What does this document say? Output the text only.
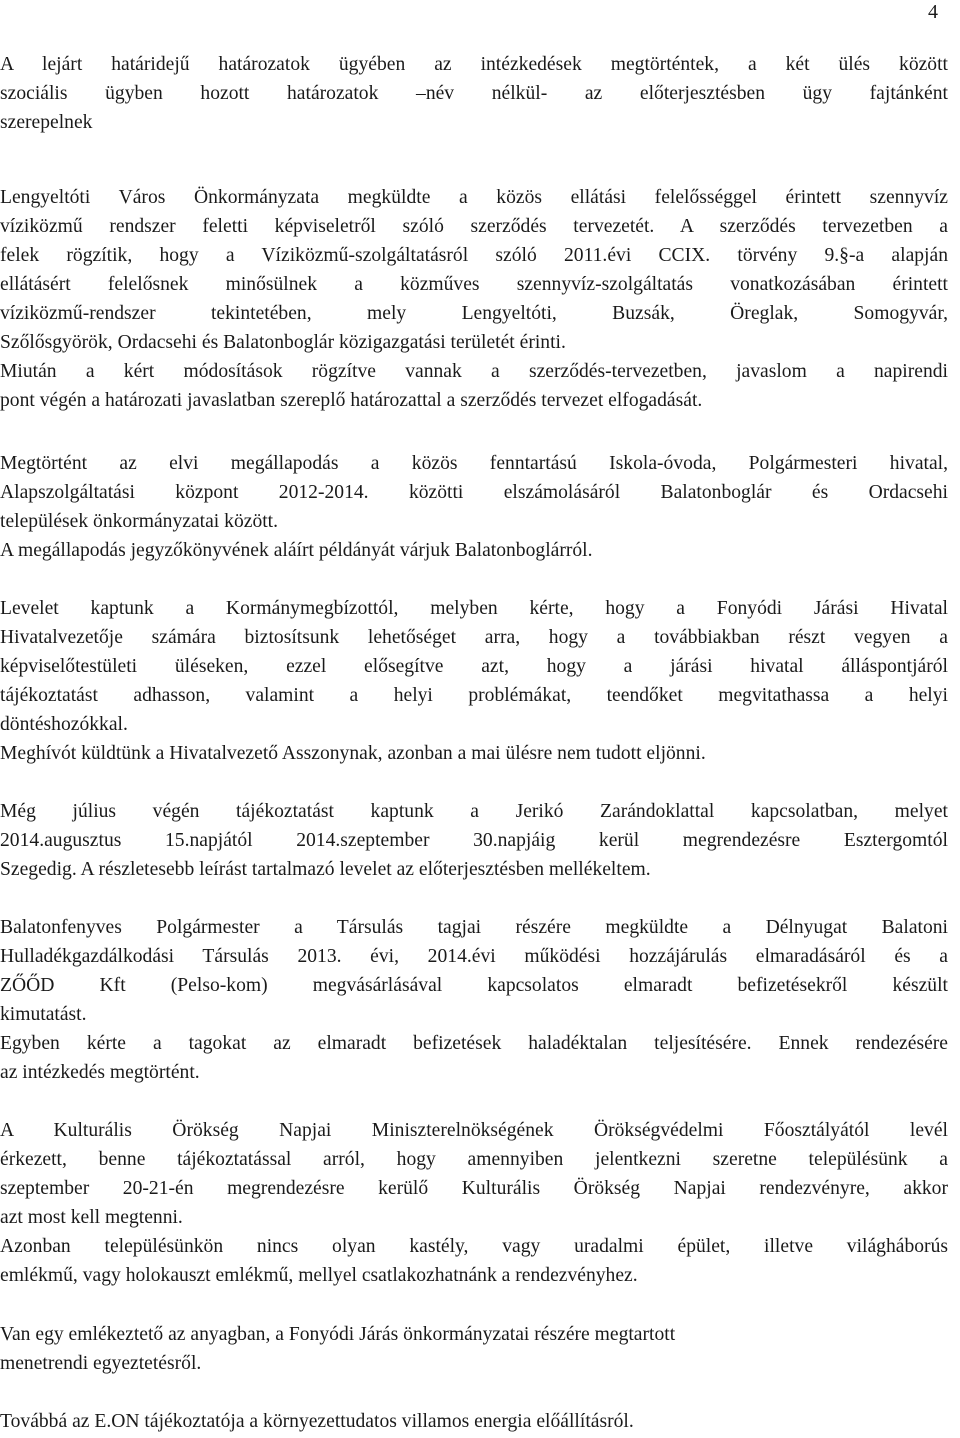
4
A lejárt határidejű határozatok ügyében az intézkedések megtörténtek, a két ülés között
szociális ügyben hozott határozatok –név nélkül- az előterjesztésben ügy fajtánként
szerepelnek
Lengyeltóti Város Önkormányzata megküldte a közös ellátási felelősséggel érintett szennyvíz
víziközmű rendszer feletti képviseletről szóló szerződés tervezetét. A szerződés tervezetben a
felek rögzítik, hogy a Víziközmű-szolgáltatásról szóló 2011.évi CCIX. törvény 9.§-a alapján
ellátásért felelősnek minősülnek a közműves szennyvíz-szolgáltatás vonatkozásában érintett
víziközmű-rendszer tekintetében, mely Lengyeltóti, Buzsák, Öreglak, Somogyvár,
Szőlősgyörök, Ordacsehi és Balatonboglár közigazgatási területét érinti.
Miután a kért módosítások rögzítve vannak a szerződés-tervezetben, javaslom a napirendi
pont végén a határozati javaslatban szereplő határozattal a szerződés tervezet elfogadását.
Megtörtént az elvi megállapodás a közös fenntartású Iskola-óvoda, Polgármesteri hivatal,
Alapszolgáltatási központ 2012-2014. közötti elszámolásáról Balatonboglár és Ordacsehi
települések önkormányzatai között.
A megállapodás jegyzőkönyvének aláírt példányát várjuk Balatonboglárról.
Levelet kaptunk a Kormánymegbízottól, melyben kérte, hogy a Fonyódi Járási Hivatal
Hivatalvezetője számára biztosítsunk lehetőséget arra, hogy a továbbiakban részt vegyen a
képviselőtestületi üléseken, ezzel elősegítve azt, hogy a járási hivatal álláspontjáról
tájékoztatást adhasson, valamint a helyi problémákat, teendőket megvitathassa a helyi
döntéshozókkal.
Meghívót küldtünk a Hivatalvezető Asszonynak, azonban a mai ülésre nem tudott eljönni.
Még július végén tájékoztatást kaptunk a Jerikó Zarándoklattal kapcsolatban, melyet
2014.augusztus 15.napjától 2014.szeptember 30.napjáig kerül megrendezésre Esztergomtól
Szegedig. A részletesebb leírást tartalmazó levelet az előterjesztésben mellékeltem.
Balatonfenyves Polgármester a Társulás tagjai részére megküldte a Délnyugat Balatoni
Hulladékgazdálkodási Társulás 2013. évi, 2014.évi működési hozzájárulás elmaradásáról és a
ZŐŐD Kft (Pelso-kom) megvásárlásával kapcsolatos elmaradt befizetésekről készült
kimutatást.
Egyben kérte a tagokat az elmaradt befizetések haladéktalan teljesítésére. Ennek rendezésére
az intézkedés megtörtént.
A Kulturális Örökség Napjai Miniszterelnökségének Örökségvédelmi Főosztályától levél
érkezett, benne tájékoztatással arról, hogy amennyiben jelentkezni szeretne településünk a
szeptember 20-21-én megrendezésre kerülő Kulturális Örökség Napjai rendezvényre, akkor
azt most kell megtenni.
Azonban településünkön nincs olyan kastély, vagy uradalmi épület, illetve világháborús
emlékmű, vagy holokauszt emlékmű, mellyel csatlakozhatnánk a rendezvényhez.
Van egy emlékeztető az anyagban, a Fonyódi Járás önkormányzatai részére megtartott
menetrendi egyeztetésről.
Továbbá az E.ON tájékoztatója a környezettudatos villamos energia előállításról.
